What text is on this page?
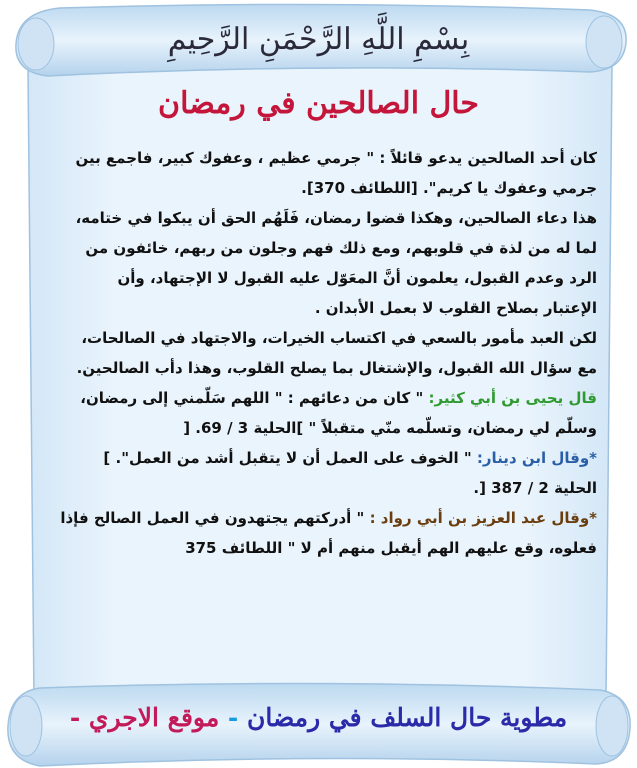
بِسْمِ اللَّهِ الرَّحْمَنِ الرَّحِيمِ
حال الصالحين في رمضان

كان أحد الصالحين يدعو قائلاً : " جرمي عظيم ، وعفوك كبير، فاجمع بين جرمي وعفوك يا كريم". [اللطائف 370].

هذا دعاء الصالحين، وهكذا قضوا رمضان، فَلَهُم الحق أن يبكوا في ختامه، لما له من لذة في قلوبهم، ومع ذلك فهم وجلون من ربهم، خائفون من الرد وعدم القبول، يعلمون أنَّ المعَوّل عليه القبول لا الإجتهاد، وأن الإعتبار بصلاح القلوب لا بعمل الأبدان .

لكن العبد مأمور بالسعي في اكتساب الخيرات، والاجتهاد في الصالحات، مع سؤال الله القبول، والإشتغال بما يصلح القلوب، وهذا دأب الصالحين.

قال يحيى بن أبي كثير: " كان من دعائهم : " اللهم سَلّمني إلى رمضان، وسلّم لي رمضان، وتسلّمه منّي متقبلاً " ]الحلية 3 / 69. [

*وقال ابن دينار: " الخوف على العمل أن لا يتقبل أشد من العمل". ] الحلية 2 / 387 [.

*وقال عبد العزيز بن أبي رواد : " أدركتهم يجتهدون في العمل الصالح فإذا فعلوه، وقع عليهم الهم أيقبل منهم أم لا " اللطائف 375

مطوية حال السلف في رمضان - موقع الاجري -
